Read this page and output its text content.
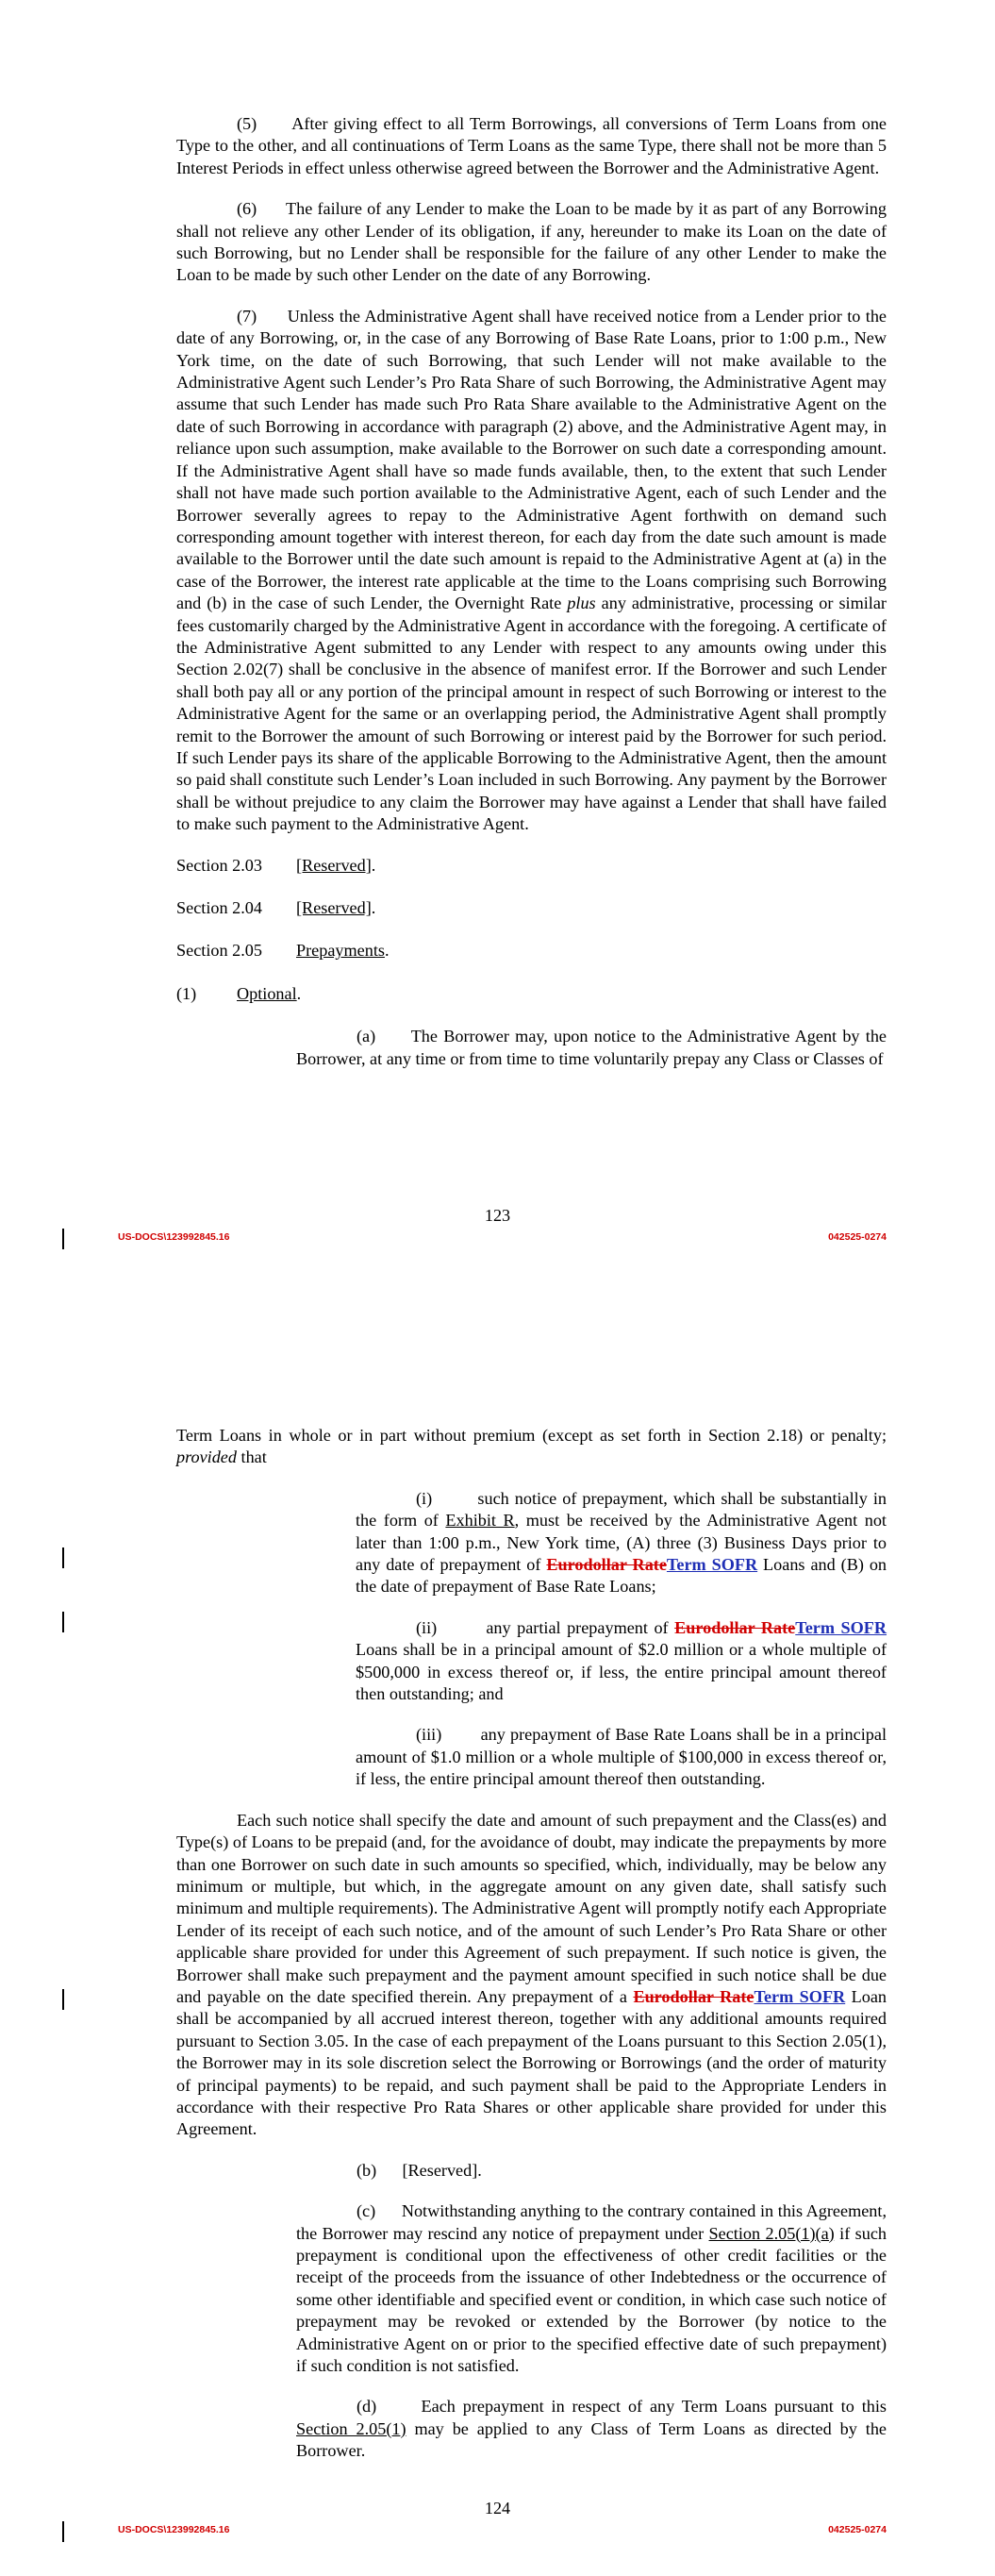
(5)      After giving effect to all Term Borrowings, all conversions of Term Loans from one Type to the other, and all continuations of Term Loans as the same Type, there shall not be more than 5 Interest Periods in effect unless otherwise agreed between the Borrower and the Administrative Agent.

(6)      The failure of any Lender to make the Loan to be made by it as part of any Borrowing shall not relieve any other Lender of its obligation, if any, hereunder to make its Loan on the date of such Borrowing, but no Lender shall be responsible for the failure of any other Lender to make the Loan to be made by such other Lender on the date of any Borrowing.

(7)      Unless the Administrative Agent shall have received notice from a Lender prior to the date of any Borrowing, or, in the case of any Borrowing of Base Rate Loans, prior to 1:00 p.m., New York time, on the date of such Borrowing, that such Lender will not make available to the Administrative Agent such Lender’s Pro Rata Share of such Borrowing, the Administrative Agent may assume that such Lender has made such Pro Rata Share available to the Administrative Agent on the date of such Borrowing in accordance with paragraph (2) above, and the Administrative Agent may, in reliance upon such assumption, make available to the Borrower on such date a corresponding amount. If the Administrative Agent shall have so made funds available, then, to the extent that such Lender shall not have made such portion available to the Administrative Agent, each of such Lender and the Borrower severally agrees to repay to the Administrative Agent forthwith on demand such corresponding amount together with interest thereon, for each day from the date such amount is made available to the Borrower until the date such amount is repaid to the Administrative Agent at (a) in the case of the Borrower, the interest rate applicable at the time to the Loans comprising such Borrowing and (b) in the case of such Lender, the Overnight Rate plus any administrative, processing or similar fees customarily charged by the Administrative Agent in accordance with the foregoing. A certificate of the Administrative Agent submitted to any Lender with respect to any amounts owing under this Section 2.02(7) shall be conclusive in the absence of manifest error. If the Borrower and such Lender shall both pay all or any portion of the principal amount in respect of such Borrowing or interest to the Administrative Agent for the same or an overlapping period, the Administrative Agent shall promptly remit to the Borrower the amount of such Borrowing or interest paid by the Borrower for such period. If such Lender pays its share of the applicable Borrowing to the Administrative Agent, then the amount so paid shall constitute such Lender’s Loan included in such Borrowing. Any payment by the Borrower shall be without prejudice to any claim the Borrower may have against a Lender that shall have failed to make such payment to the Administrative Agent.

Section 2.03 [Reserved].

Section 2.04 [Reserved].

Section 2.05 Prepayments.

(1) Optional.

(a)      The Borrower may, upon notice to the Administrative Agent by the Borrower, at any time or from time to time voluntarily prepay any Class or Classes of

123
US-DOCS\123992845.16	042525-0274

Term Loans in whole or in part without premium (except as set forth in Section 2.18) or penalty; provided that

(i)	such notice of prepayment, which shall be substantially in the form of Exhibit R, must be received by the Administrative Agent not later than 1:00 p.m., New York time, (A) three (3) Business Days prior to any date of prepayment of Eurodollar RateTerm SOFR Loans and (B) on the date of prepayment of Base Rate Loans;

(ii)	any partial prepayment of Eurodollar RateTerm SOFR Loans shall be in a principal amount of $2.0 million or a whole multiple of $500,000 in excess thereof or, if less, the entire principal amount thereof then outstanding; and

(iii) any prepayment of Base Rate Loans shall be in a principal amount of $1.0 million or a whole multiple of $100,000 in excess thereof or, if less, the entire principal amount thereof then outstanding.

Each such notice shall specify the date and amount of such prepayment and the Class(es) and Type(s) of Loans to be prepaid (and, for the avoidance of doubt, may indicate the prepayments by more than one Borrower on such date in such amounts so specified, which, individually, may be below any minimum or multiple, but which, in the aggregate amount on any given date, shall satisfy such minimum and multiple requirements). The Administrative Agent will promptly notify each Appropriate Lender of its receipt of each such notice, and of the amount of such Lender’s Pro Rata Share or other applicable share provided for under this Agreement of such prepayment. If such notice is given, the Borrower shall make such prepayment and the payment amount specified in such notice shall be due and payable on the date specified therein. Any prepayment of a Eurodollar RateTerm SOFR Loan shall be accompanied by all accrued interest thereon, together with any additional amounts required pursuant to Section 3.05. In the case of each prepayment of the Loans pursuant to this Section 2.05(1), the Borrower may in its sole discretion select the Borrowing or Borrowings (and the order of maturity of principal payments) to be repaid, and such payment shall be paid to the Appropriate Lenders in accordance with their respective Pro Rata Shares or other applicable share provided for under this Agreement.

(b)      [Reserved].

(c)      Notwithstanding anything to the contrary contained in this Agreement, the Borrower may rescind any notice of prepayment under Section 2.05(1)(a) if such prepayment is conditional upon the effectiveness of other credit facilities or the receipt of the proceeds from the issuance of other Indebtedness or the occurrence of some other identifiable and specified event or condition, in which case such notice of prepayment may be revoked or extended by the Borrower (by notice to the Administrative Agent on or prior to the specified effective date of such prepayment) if such condition is not satisfied.

(d)      Each prepayment in respect of any Term Loans pursuant to this Section 2.05(1) may be applied to any Class of Term Loans as directed by the Borrower.

124
US-DOCS\123992845.16	042525-0274
